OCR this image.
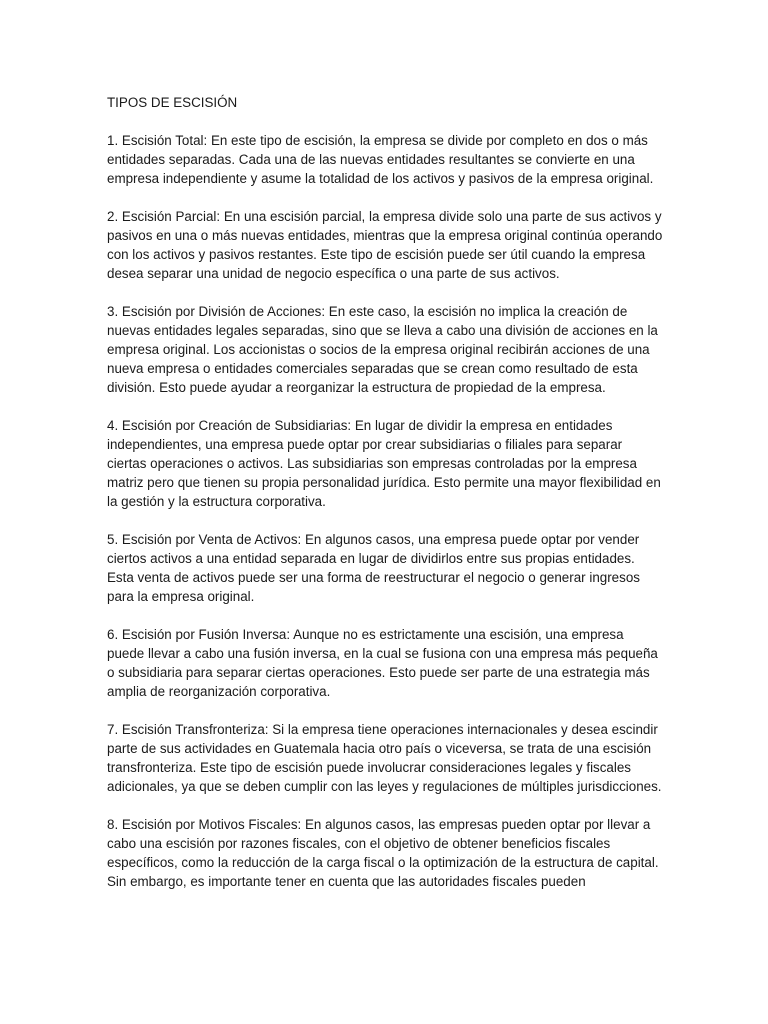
TIPOS DE ESCISIÓN

1. Escisión Total: En este tipo de escisión, la empresa se divide por completo en dos o más entidades separadas. Cada una de las nuevas entidades resultantes se convierte en una empresa independiente y asume la totalidad de los activos y pasivos de la empresa original.

2. Escisión Parcial: En una escisión parcial, la empresa divide solo una parte de sus activos y pasivos en una o más nuevas entidades, mientras que la empresa original continúa operando con los activos y pasivos restantes. Este tipo de escisión puede ser útil cuando la empresa desea separar una unidad de negocio específica o una parte de sus activos.

3. Escisión por División de Acciones: En este caso, la escisión no implica la creación de nuevas entidades legales separadas, sino que se lleva a cabo una división de acciones en la empresa original. Los accionistas o socios de la empresa original recibirán acciones de una nueva empresa o entidades comerciales separadas que se crean como resultado de esta división. Esto puede ayudar a reorganizar la estructura de propiedad de la empresa.

4. Escisión por Creación de Subsidiarias: En lugar de dividir la empresa en entidades independientes, una empresa puede optar por crear subsidiarias o filiales para separar ciertas operaciones o activos. Las subsidiarias son empresas controladas por la empresa matriz pero que tienen su propia personalidad jurídica. Esto permite una mayor flexibilidad en la gestión y la estructura corporativa.

5. Escisión por Venta de Activos: En algunos casos, una empresa puede optar por vender ciertos activos a una entidad separada en lugar de dividirlos entre sus propias entidades. Esta venta de activos puede ser una forma de reestructurar el negocio o generar ingresos para la empresa original.

6. Escisión por Fusión Inversa: Aunque no es estrictamente una escisión, una empresa puede llevar a cabo una fusión inversa, en la cual se fusiona con una empresa más pequeña o subsidiaria para separar ciertas operaciones. Esto puede ser parte de una estrategia más amplia de reorganización corporativa.

7. Escisión Transfronteriza: Si la empresa tiene operaciones internacionales y desea escindir parte de sus actividades en Guatemala hacia otro país o viceversa, se trata de una escisión transfronteriza. Este tipo de escisión puede involucrar consideraciones legales y fiscales adicionales, ya que se deben cumplir con las leyes y regulaciones de múltiples jurisdicciones.

8. Escisión por Motivos Fiscales: En algunos casos, las empresas pueden optar por llevar a cabo una escisión por razones fiscales, con el objetivo de obtener beneficios fiscales específicos, como la reducción de la carga fiscal o la optimización de la estructura de capital. Sin embargo, es importante tener en cuenta que las autoridades fiscales pueden
